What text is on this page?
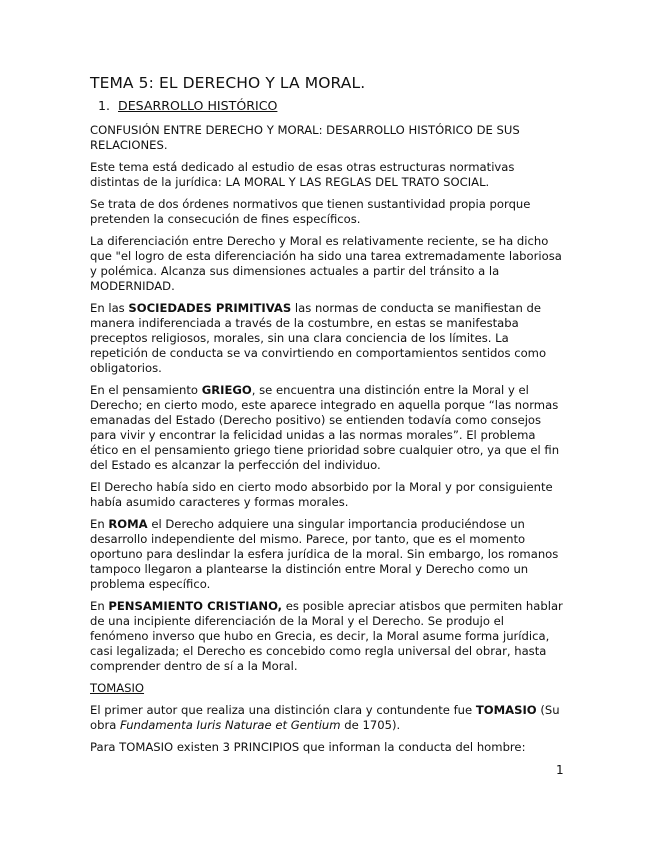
TEMA 5: EL DERECHO Y LA MORAL.
1. DESARROLLO HISTÓRICO

CONFUSIÓN ENTRE DERECHO Y MORAL: DESARROLLO HISTÓRICO DE SUS RELACIONES.

Este tema está dedicado al estudio de esas otras estructuras normativas distintas de la jurídica: LA MORAL Y LAS REGLAS DEL TRATO SOCIAL.

Se trata de dos órdenes normativos que tienen sustantividad propia porque pretenden la consecución de fines específicos.

La diferenciación entre Derecho y Moral es relativamente reciente, se ha dicho que "el logro de esta diferenciación ha sido una tarea extremadamente laboriosa y polémica. Alcanza sus dimensiones actuales a partir del tránsito a la MODERNIDAD.

En las SOCIEDADES PRIMITIVAS las normas de conducta se manifiestan de manera indiferenciada a través de la costumbre, en estas se manifestaba preceptos religiosos, morales, sin una clara conciencia de los límites. La repetición de conducta se va convirtiendo en comportamientos sentidos como obligatorios.

En el pensamiento GRIEGO, se encuentra una distinción entre la Moral y el Derecho; en cierto modo, este aparece integrado en aquella porque “las normas emanadas del Estado (Derecho positivo) se entienden todavía como consejos para vivir y encontrar la felicidad unidas a las normas morales”. El problema ético en el pensamiento griego tiene prioridad sobre cualquier otro, ya que el fin del Estado es alcanzar la perfección del individuo.

El Derecho había sido en cierto modo absorbido por la Moral y por consiguiente había asumido caracteres y formas morales.

En ROMA el Derecho adquiere una singular importancia produciéndose un desarrollo independiente del mismo. Parece, por tanto, que es el momento oportuno para deslindar la esfera jurídica de la moral. Sin embargo, los romanos tampoco llegaron a plantearse la distinción entre Moral y Derecho como un problema específico.

En PENSAMIENTO CRISTIANO, es posible apreciar atisbos que permiten hablar de una incipiente diferenciación de la Moral y el Derecho. Se produjo el fenómeno inverso que hubo en Grecia, es decir, la Moral asume forma jurídica, casi legalizada; el Derecho es concebido como regla universal del obrar, hasta comprender dentro de sí a la Moral.

TOMASIO

El primer autor que realiza una distinción clara y contundente fue TOMASIO (Su obra Fundamenta Iuris Naturae et Gentium de 1705).

Para TOMASIO existen 3 PRINCIPIOS que informan la conducta del hombre:

1
